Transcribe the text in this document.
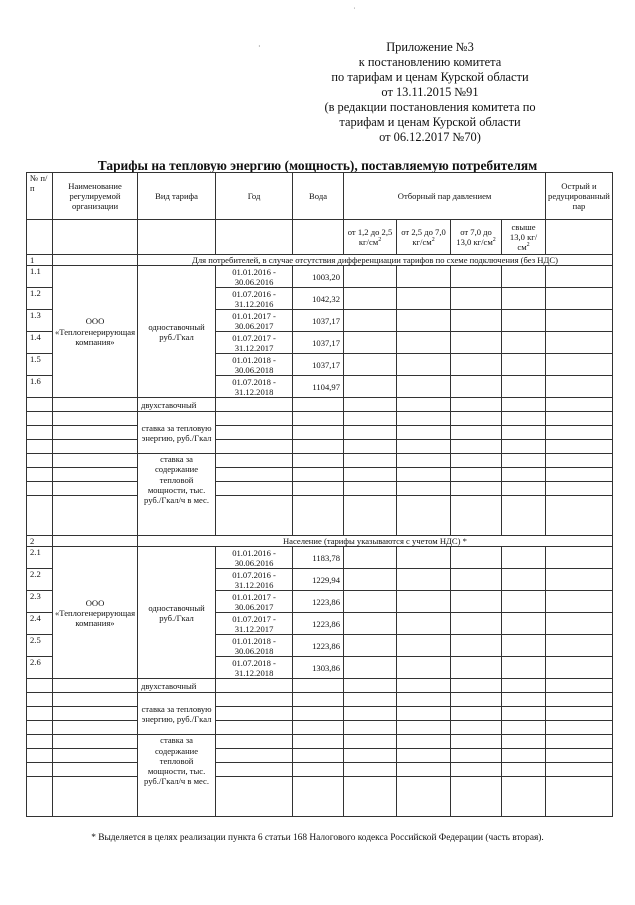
Приложение №3
к постановлению комитета
по тарифам и ценам Курской области
от 13.11.2015 №91
(в редакции постановления комитета по
тарифам и ценам Курской области
от 06.12.2017 №70)
Тарифы на тепловую энергию (мощность), поставляемую потребителям
№ п/п	Наименование регулируемой организации	Вид тарифа	Год	Вода	Отборный пар давлением				Острый и редуцированный пар
					от 1,2 до 2,5 $кг/см^2$	от 2,5 до 7,0 $кг/см^2$	от 7,0 до 13,0 $кг/см^2$	свыше 13,0 $кг/см^2$	
1		Для потребителей, в случае отсутствия дифференциации тарифов по схеме подключения (без НДС)							
1.1	ООО «Теплогенерирующая компания»	одноставочный руб./Гкал	01.01.2016 - 30.06.2016	1003,20					
1.2			01.07.2016 - 31.12.2016	1042,32					
1.3			01.01.2017 - 30.06.2017	1037,17					
1.4			01.07.2017 - 31.12.2017	1037,17					
1.5			01.01.2018 - 30.06.2018	1037,17					
1.6			01.07.2018 - 31.12.2018	1104,97					
		двухставочный							
		ставка за тепловую энергию, руб./Гкал							

		ставка за содержание тепловой мощности, тыс. руб./Гкал/ч в мес.							

2		Население (тарифы указываются с учетом НДС) *							
2.1	ООО «Теплогенерирующая компания»	одноставочный руб./Гкал	01.01.2016 - 30.06.2016	1183,78					
2.2			01.07.2016 - 31.12.2016	1229,94					
2.3			01.01.2017 - 30.06.2017	1223,86					
2.4			01.07.2017 - 31.12.2017	1223,86					
2.5			01.01.2018 - 30.06.2018	1223,86					
2.6			01.07.2018 - 31.12.2018	1303,86					
		двухставочный							
		ставка за тепловую энергию, руб./Гкал							

		ставка за содержание тепловой мощности, тыс. руб./Гкал/ч в мес.							

* Выделяется в целях реализации пункта 6 статьи 168 Налогового кодекса Российской Федерации (часть вторая).
˙
·
